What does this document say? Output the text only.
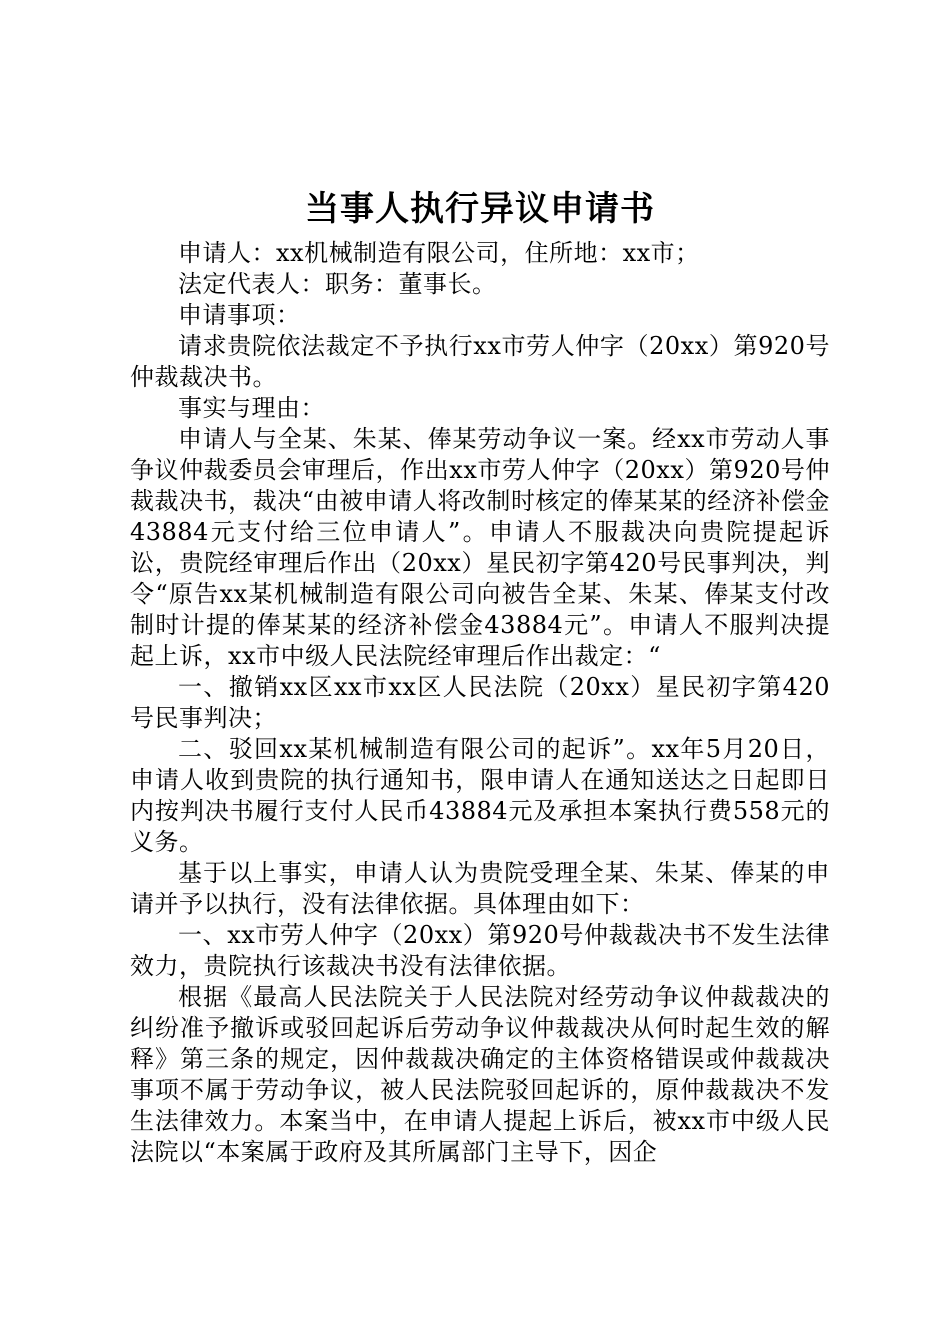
当事人执行异议申请书

申请人：xx机械制造有限公司，住所地：xx市；

法定代表人：职务：董事长。

申请事项：

请求贵院依法裁定不予执行xx市劳人仲字（20xx）第920号仲裁裁决书。

事实与理由：

申请人与全某、朱某、俸某劳动争议一案。经xx市劳动人事争议仲裁委员会审理后，作出xx市劳人仲字（20xx）第920号仲裁裁决书，裁决“由被申请人将改制时核定的俸某某的经济补偿金43884元支付给三位申请人”。申请人不服裁决向贵院提起诉讼，贵院经审理后作出（20xx）星民初字第420号民事判决，判令“原告xx某机械制造有限公司向被告全某、朱某、俸某支付改制时计提的俸某某的经济补偿金43884元”。申请人不服判决提起上诉，xx市中级人民法院经审理后作出裁定：“

一、撤销xx区xx市xx区人民法院（20xx）星民初字第420号民事判决；

二、驳回xx某机械制造有限公司的起诉”。xx年5月20日，申请人收到贵院的执行通知书，限申请人在通知送达之日起即日内按判决书履行支付人民币43884元及承担本案执行费558元的义务。

基于以上事实，申请人认为贵院受理全某、朱某、俸某的申请并予以执行，没有法律依据。具体理由如下：

一、xx市劳人仲字（20xx）第920号仲裁裁决书不发生法律效力，贵院执行该裁决书没有法律依据。

根据《最高人民法院关于人民法院对经劳动争议仲裁裁决的纠纷准予撤诉或驳回起诉后劳动争议仲裁裁决从何时起生效的解释》第三条的规定，因仲裁裁决确定的主体资格错误或仲裁裁决事项不属于劳动争议，被人民法院驳回起诉的，原仲裁裁决不发生法律效力。本案当中，在申请人提起上诉后，被xx市中级人民法院以“本案属于政府及其所属部门主导下，因企
